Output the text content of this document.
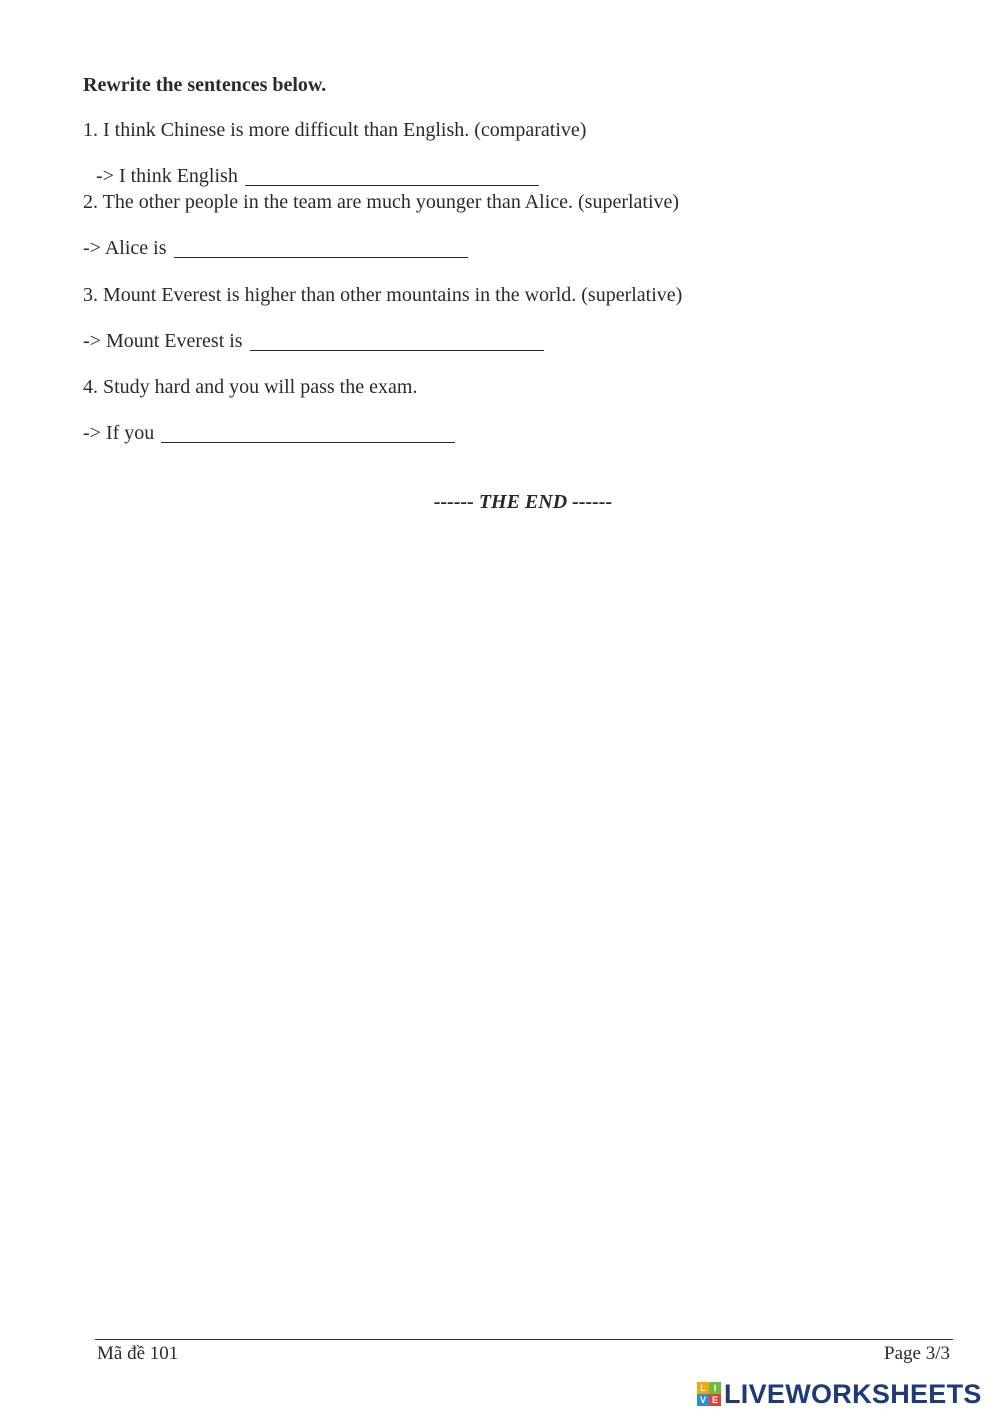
Rewrite the sentences below.
1. I think Chinese is more difficult than English. (comparative)
-> I think English
2. The other people in the team are much younger than Alice. (superlative)
-> Alice is
3. Mount Everest is higher than other mountains in the world. (superlative)
-> Mount Everest is
4. Study hard and you will pass the exam.
-> If you
------ THE END ------
Mã đề 101	Page 3/3
L I
V E LIVEWORKSHEETS
